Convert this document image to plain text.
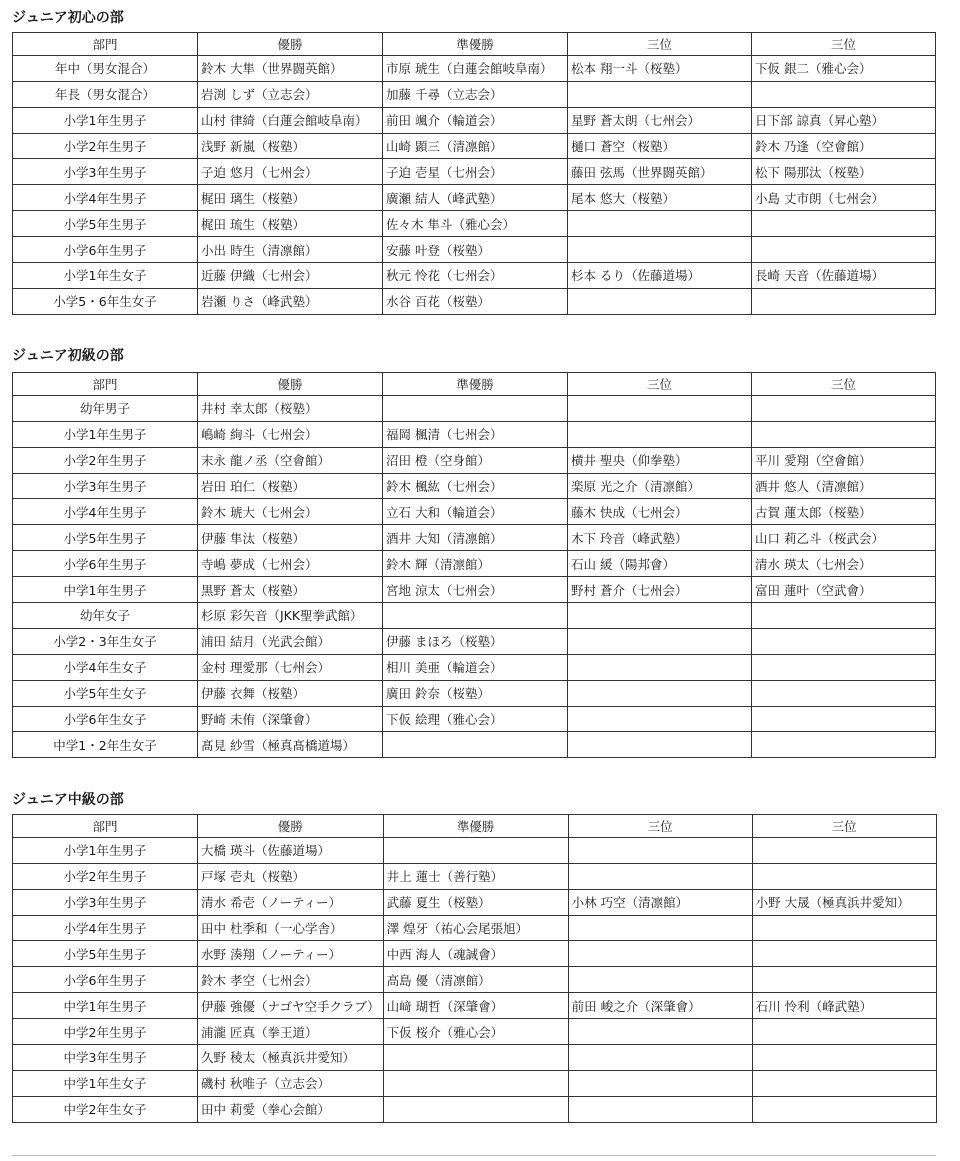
ジュニア初心の部
部門	優勝	準優勝	三位	三位
年中（男女混合）	鈴木 大隼（世界闘英館）	市原 琥生（白蓮会館岐阜南）	松本 翔一斗（桜塾）	下仮 銀二（雅心会）
年長（男女混合）	岩渕 しず（立志会）	加藤 千尋（立志会）		
小学1年生男子	山村 律綺（白蓮会館岐阜南）	前田 颯介（輪道会）	星野 蒼太朗（七州会）	日下部 諒真（昇心塾）
小学2年生男子	浅野 新嵐（桜塾）	山崎 顕三（清凛館）	樋口 蒼空（桜塾）	鈴木 乃逢（空會館）
小学3年生男子	子迫 悠月（七州会）	子迫 壱星（七州会）	藤田 弦馬（世界闘英館）	松下 陽那汰（桜塾）
小学4年生男子	梶田 璃生（桜塾）	廣瀬 結人（峰武塾）	尾本 悠大（桜塾）	小島 丈市朗（七州会）
小学5年生男子	梶田 琉生（桜塾）	佐々木 隼斗（雅心会）		
小学6年生男子	小出 時生（清凛館）	安藤 叶登（桜塾）		
小学1年生女子	近藤 伊織（七州会）	秋元 怜花（七州会）	杉本 るり（佐藤道場）	長崎 天音（佐藤道場）
小学5・6年生女子	岩瀬 りさ（峰武塾）	水谷 百花（桜塾）		
ジュニア初級の部
部門	優勝	準優勝	三位	三位
幼年男子	井村 幸太郎（桜塾）			
小学1年生男子	嶋崎 絢斗（七州会）	福岡 楓清（七州会）		
小学2年生男子	末永 龍ノ丞（空會館）	沼田 橙（空身館）	横井 聖央（仰拳塾）	平川 愛翔（空會館）
小学3年生男子	岩田 珀仁（桜塾）	鈴木 楓紘（七州会）	楽原 光之介（清凛館）	酒井 悠人（清凛館）
小学4年生男子	鈴木 琥大（七州会）	立石 大和（輪道会）	藤木 快成（七州会）	古賀 蓮太郎（桜塾）
小学5年生男子	伊藤 隼汰（桜塾）	酒井 大知（清凛館）	木下 玲音（峰武塾）	山口 莉乙斗（桜武会）
小学6年生男子	寺嶋 夢成（七州会）	鈴木 輝（清凛館）	石山 緩（陽邦會）	清水 瑛太（七州会）
中学1年生男子	黒野 蒼太（桜塾）	宮地 涼太（七州会）	野村 蒼介（七州会）	富田 蓮叶（空武會）
幼年女子	杉原 彩矢音（JKK聖拳武館）			
小学2・3年生女子	浦田 結月（光武会館）	伊藤 まほろ（桜塾）		
小学4年生女子	金村 理愛那（七州会）	相川 美亜（輪道会）		
小学5年生女子	伊藤 衣舞（桜塾）	廣田 鈴奈（桜塾）		
小学6年生女子	野崎 未侑（深肇會）	下仮 絵理（雅心会）		
中学1・2年生女子	髙見 紗雪（極真髙橋道場）			
ジュニア中級の部
部門	優勝	準優勝	三位	三位
小学1年生男子	大橋 瑛斗（佐藤道場）			
小学2年生男子	戸塚 壱丸（桜塾）	井上 蓮士（善行塾）		
小学3年生男子	清水 希壱（ノーティー）	武藤 夏生（桜塾）	小林 巧空（清凛館）	小野 大晟（極真浜井愛知）
小学4年生男子	田中 杜季和（一心学舎）	澤 煌牙（祐心会尾張旭）		
小学5年生男子	水野 湊翔（ノーティー）	中西 海人（魂誠會）		
小学6年生男子	鈴木 孝空（七州会）	高島 優（清凛館）		
中学1年生男子	伊藤 強優（ナゴヤ空手クラブ）	山﨑 瑚哲（深肇會）	前田 峻之介（深肇會）	石川 怜利（峰武塾）
中学2年生男子	浦瀧 匠真（拳王道）	下仮 桜介（雅心会）		
中学3年生男子	久野 稜太（極真浜井愛知）			
中学1年生女子	磯村 秋唯子（立志会）			
中学2年生女子	田中 莉愛（拳心会館）			
